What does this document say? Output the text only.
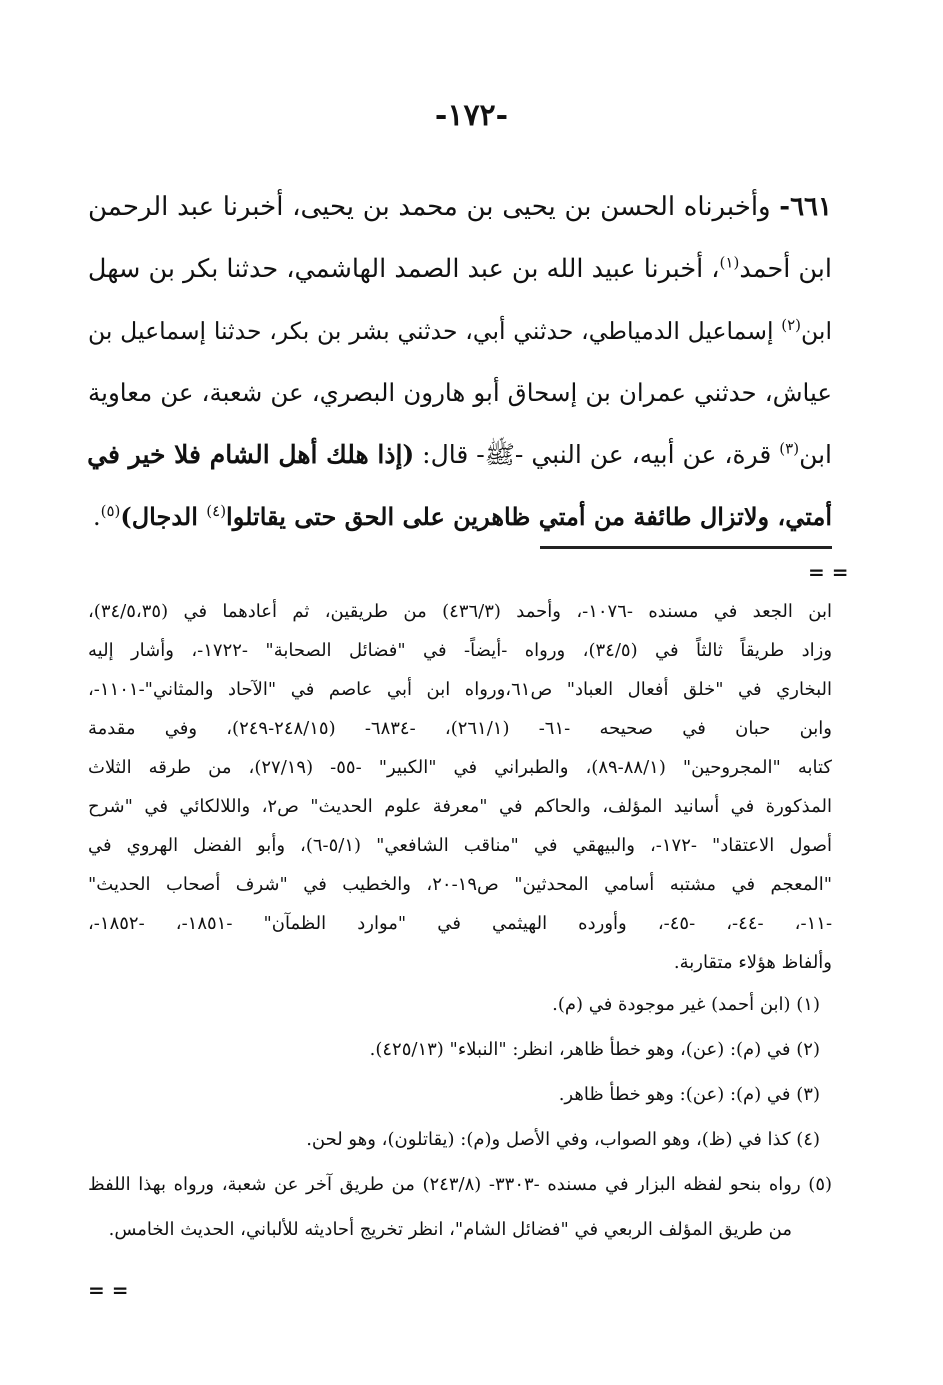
-١٧٢-
٦٦١- وأخبرناه الحسن بن يحيى بن محمد بن يحيى، أخبرنا عبد الرحمن
ابن أحمد$^{(١)}$، أخبرنا عبيد الله بن عبد الصمد الهاشمي، حدثنا بكر بن سهل
ابن$^{(٢)}$ إسماعيل الدمياطي، حدثني أبي، حدثني بشر بن بكر، حدثنا إسماعيل بن
عياش، حدثني عمران بن إسحاق أبو هارون البصري، عن شعبة، عن معاوية
ابن$^{(٣)}$ قرة، عن أبيه، عن النبي -ﷺ- قال: (إذا هلك أهل الشام فلا خير في
أمتي، ولاتزال طائفة من أمتي ظاهرين على الحق حتى يقاتلوا$^{(٤)}$ الدجال)$^{(٥)}$.
= =
ابن الجعد في مسنده -١٠٧٦-، وأحمد (٤٣٦/٣) من طريقين، ثم أعادهما في (٣٤/٥،٣٥)،
وزاد طريقاً ثالثاً في (٣٤/٥)، ورواه -أيضاً- في "فضائل الصحابة" -١٧٢٢-، وأشار إليه
البخاري في "خلق أفعال العباد" ص٦١،ورواه ابن أبي عاصم في "الآحاد والمثاني"-١١٠١-،
وابن حبان في صحيحه -٦١- (٢٦١/١)، -٦٨٣٤- (٢٤٨/١٥-٢٤٩)، وفي مقدمة
كتابه "المجروحين" (٨٨/١-٨٩)، والطبراني في "الكبير" -٥٥- (٢٧/١٩)، من طرقه الثلاث
المذكورة في أسانيد المؤلف، والحاكم في "معرفة علوم الحديث" ص٢، واللالكائي في "شرح
أصول الاعتقاد" -١٧٢-، والبيهقي في "مناقب الشافعي" (٥/١-٦)، وأبو الفضل الهروي في
"المعجم في مشتبه أسامي المحدثين" ص١٩-٢٠، والخطيب في "شرف أصحاب الحديث"
-١١-، -٤٤-، -٤٥-، وأورده الهيثمي في "موارد الظمآن" -١٨٥١-، -١٨٥٢-،
وألفاظ هؤلاء متقاربة.
(١) (ابن أحمد) غير موجودة في (م).
(٢) في (م): (عن)، وهو خطأ ظاهر، انظر: "النبلاء" (٤٢٥/١٣).
(٣) في (م): (عن): وهو خطأ ظاهر.
(٤) كذا في (ظ)، وهو الصواب، وفي الأصل و(م): (يقاتلون)، وهو لحن.
(٥) رواه بنحو لفظه البزار في مسنده -٣٣٠٣- (٢٤٣/٨) من طريق آخر عن شعبة، ورواه بهذا اللفظ
من طريق المؤلف الربعي في "فضائل الشام"، انظر تخريج أحاديثه للألباني، الحديث الخامس.
= =
